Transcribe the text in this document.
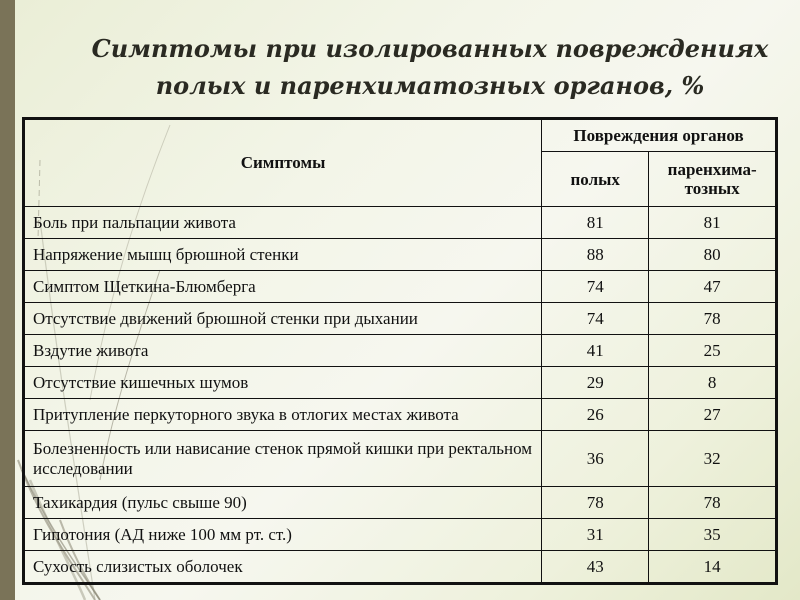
Симптомы при изолированных повреждениях
полых и паренхиматозных органов, %
Симптомы	Повреждения органов	
	полых	паренхима-
тозных
Боль при пальпации живота	81	81
Напряжение мышц брюшной стенки	88	80
Симптом Щеткина-Блюмберга	74	47
Отсутствие движений брюшной стенки при дыхании	74	78
Вздутие живота	41	25
Отсутствие кишечных шумов	29	8
Притупление перкуторного звука в отлогих местах живота	26	27
Болезненность или нависание стенок прямой кишки при ректальном исследовании	36	32
Тахикардия (пульс свыше 90)	78	78
Гипотония (АД ниже 100 мм рт. ст.)	31	35
Сухость слизистых оболочек	43	14
